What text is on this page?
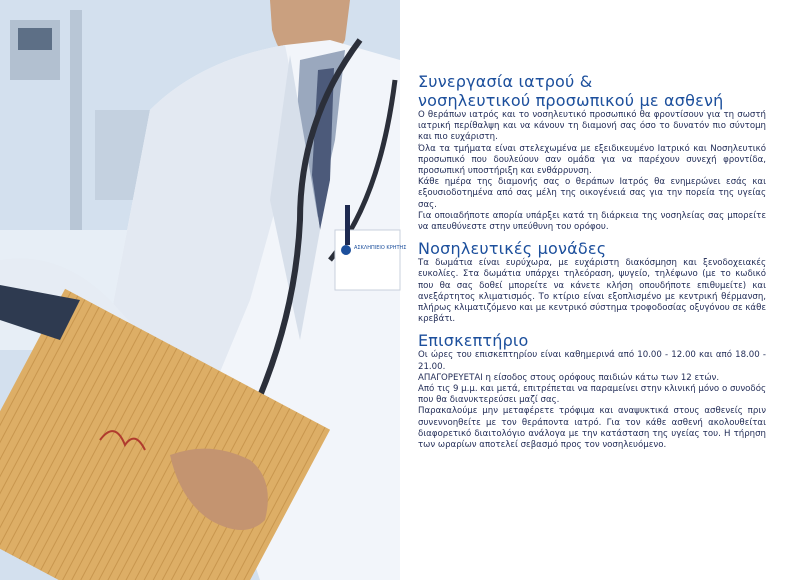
ΑΣΚΛΗΠΙΕΙΟ ΚΡΗΤΗΣ
Συνεργασία ιατρού &
νοσηλευτικού προσωπικού με ασθενή

Ο θεράπων ιατρός και το νοσηλευτικό προσωπικό θα φροντίσουν για τη σωστή ιατρική περίθαλψη και να κάνουν τη διαμονή σας όσο το δυνατόν πιο σύντομη και πιο ευχάριστη.

Όλα τα τμήματα είναι στελεχωμένα με εξειδικευμένο Ιατρικό και Νοσηλευτικό προσωπικό που δουλεύουν σαν ομάδα για να παρέχουν συνεχή φροντίδα, προσωπική υποστήριξη και ενθάρρυνση.

Κάθε ημέρα της διαμονής σας ο θεράπων Ιατρός θα ενημερώνει εσάς και εξουσιοδοτημένα από σας μέλη της οικογένειά σας για την πορεία της υγείας σας.

Για οποιαδήποτε απορία υπάρξει κατά τη διάρκεια της νοσηλείας σας μπορείτε να απευθύνεστε στην υπεύθυνη του ορόφου.

Νοσηλευτικές μονάδες

Τα δωμάτια είναι ευρύχωρα, με ευχάριστη διακόσμηση και ξενοδοχειακές ευκολίες. Στα δωμάτια υπάρχει τηλεόραση, ψυγείο, τηλέφωνο (με το κωδικό που θα σας δοθεί μπορείτε να κάνετε κλήση οπουδήποτε επιθυμείτε) και ανεξάρτητος κλιματισμός. Το κτίριο είναι εξοπλισμένο με κεντρική θέρμανση, πλήρως κλιματιζόμενο και με κεντρικό σύστημα τροφοδοσίας οξυγόνου σε κάθε κρεβάτι.

Επισκεπτήριο

Οι ώρες του επισκεπτηρίου είναι καθημερινά από 10.00 - 12.00 και από 18.00 - 21.00.

ΑΠΑΓΟΡΕΥΕΤΑΙ η είσοδος στους ορόφους παιδιών κάτω των 12 ετών.

Από τις 9 μ.μ. και μετά, επιτρέπεται να παραμείνει στην κλινική μόνο ο συνοδός που θα διανυκτερεύσει μαζί σας.

Παρακαλούμε μην μεταφέρετε τρόφιμα και αναψυκτικά στους ασθενείς πριν συνεννοηθείτε με τον θεράποντα ιατρό. Για τον κάθε ασθενή ακολουθείται διαφορετικό διαιτολόγιο ανάλογα με την κατάσταση της υγείας του. Η τήρηση των ωραρίων αποτελεί σεβασμό προς τον νοσηλευόμενο.
